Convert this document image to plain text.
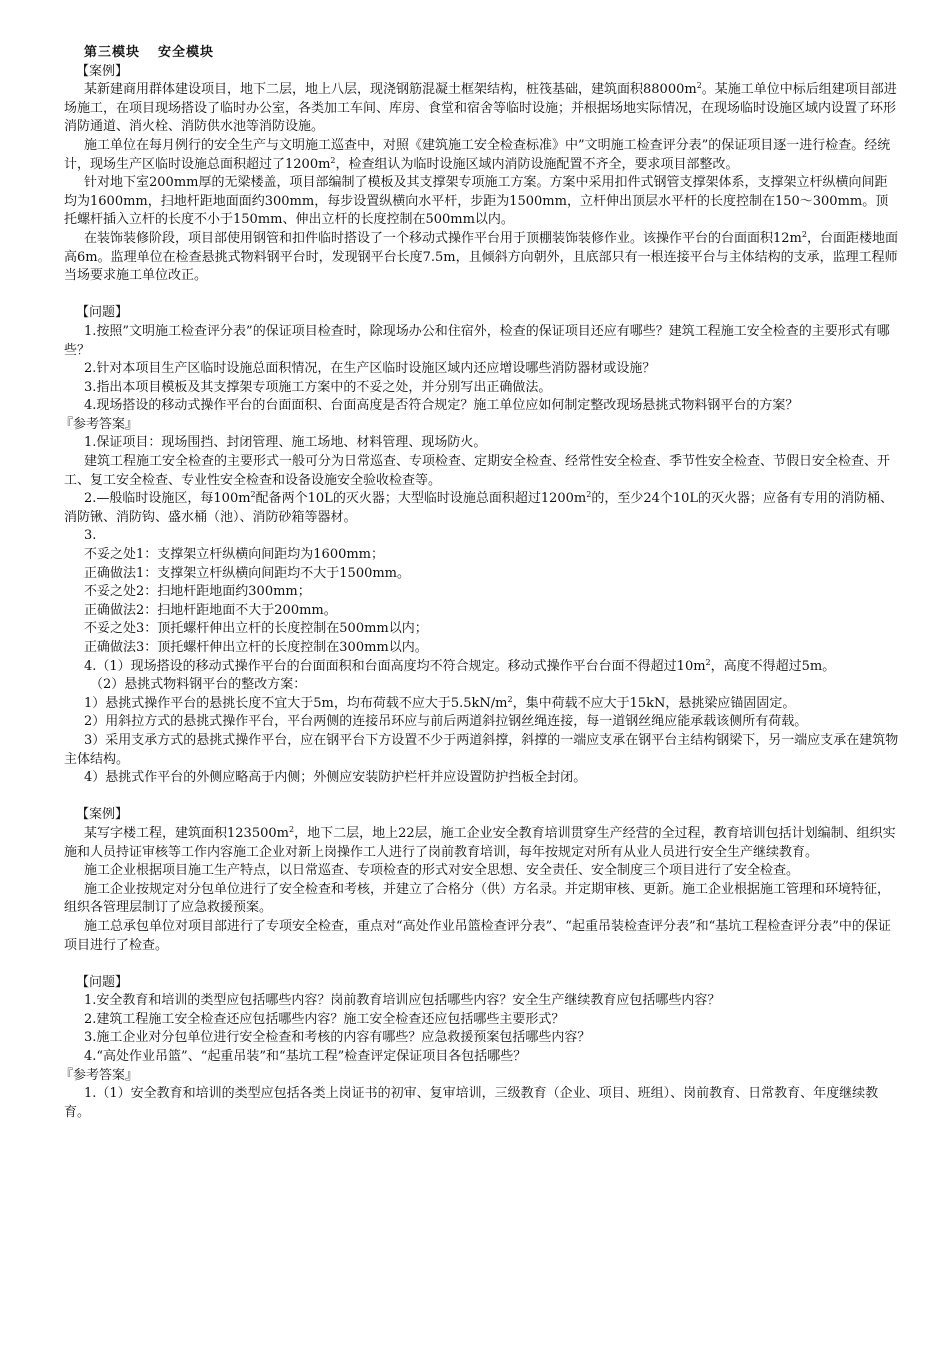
第三模块 安全模块

【案例】

某新建商用群体建设项目，地下二层，地上八层，现浇钢筋混凝土框架结构，桩筏基础，建筑面积$88000m^2$。某施工单位中标后组建项目部进场施工，在项目现场搭设了临时办公室，各类加工车间、库房、食堂和宿舍等临时设施；并根据场地实际情况，在现场临时设施区域内设置了环形消防通道、消火栓、消防供水池等消防设施。

施工单位在每月例行的安全生产与文明施工巡查中，对照《建筑施工安全检查标准》中”文明施工检查评分表”的保证项目逐一进行检查。经统计，现场生产区临时设施总面积超过了$1200m^2$，检查组认为临时设施区域内消防设施配置不齐全，要求项目部整改。

针对地下室200mm厚的无梁楼盖，项目部编制了模板及其支撑架专项施工方案。方案中采用扣件式钢管支撑架体系，支撑架立杆纵横向间距均为1600mm，扫地杆距地面面约300mm，每步设置纵横向水平杆，步距为1500mm，立杆伸出顶层水平杆的长度控制在150～300mm。顶托螺杆插入立杆的长度不小于150mm、伸出立杆的长度控制在500mm以内。

在装饰装修阶段，项目部使用钢管和扣件临时搭设了一个移动式操作平台用于顶棚装饰装修作业。该操作平台的台面面积$12m^2$，台面距楼地面高6m。监理单位在检查悬挑式物料钢平台时，发现钢平台长度7.5m，且倾斜方向朝外，且底部只有一根连接平台与主体结构的支承，监理工程师当场要求施工单位改正。

【问题】

1.按照”文明施工检查评分表”的保证项目检查时，除现场办公和住宿外，检查的保证项目还应有哪些？建筑工程施工安全检查的主要形式有哪些？

2.针对本项目生产区临时设施总面积情况，在生产区临时设施区域内还应增设哪些消防器材或设施？

3.指出本项目模板及其支撑架专项施工方案中的不妥之处，并分别写出正确做法。

4.现场搭设的移动式操作平台的台面面积、台面高度是否符合规定？施工单位应如何制定整改现场悬挑式物料钢平台的方案？

『参考答案』

1.保证项目：现场围挡、封闭管理、施工场地、材料管理、现场防火。

建筑工程施工安全检查的主要形式一般可分为日常巡查、专项检查、定期安全检查、经常性安全检查、季节性安全检查、节假日安全检查、开工、复工安全检查、专业性安全检查和设备设施安全验收检查等。

2.—般临时设施区，每$100m^2$配备两个10L的灭火器；大型临时设施总面积超过$1200m^2$的，至少24个10L的灭火器；应备有专用的消防桶、消防锹、消防钩、盛水桶（池）、消防砂箱等器材。

3.

不妥之处1：支撑架立杆纵横向间距均为1600mm；

正确做法1：支撑架立杆纵横向间距均不大于1500mm。

不妥之处2：扫地杆距地面约300mm；

正确做法2：扫地杆距地面不大于200mm。

不妥之处3：顶托螺杆伸出立杆的长度控制在500mm以内；

正确做法3：顶托螺杆伸出立杆的长度控制在300mm以内。

4.（1）现场搭设的移动式操作平台的台面面积和台面高度均不符合规定。移动式操作平台台面不得超过$10m^2$，高度不得超过5m。

（2）悬挑式物料钢平台的整改方案：

1）悬挑式操作平台的悬挑长度不宜大于5m，均布荷载不应大于$5.5kN/m^2$，集中荷载不应大于15kN，悬挑梁应锚固固定。

2）用斜拉方式的悬挑式操作平台，平台两侧的连接吊环应与前后两道斜拉钢丝绳连接，每一道钢丝绳应能承载该侧所有荷载。

3）采用支承方式的悬挑式操作平台，应在钢平台下方设置不少于两道斜撑，斜撑的一端应支承在钢平台主结构钢梁下，另一端应支承在建筑物主体结构。

4）悬挑式作平台的外侧应略高于内侧；外侧应安装防护栏杆并应设置防护挡板全封闭。

【案例】

某写字楼工程，建筑面积$123500m^2$，地下二层，地上22层，施工企业安全教育培训贯穿生产经营的全过程，教育培训包括计划编制、组织实施和人员持证审核等工作内容施工企业对新上岗操作工人进行了岗前教育培训，每年按规定对所有从业人员进行安全生产继续教育。

施工企业根据项目施工生产特点，以日常巡查、专项检查的形式对安全思想、安全责任、安全制度三个项目进行了安全检查。

施工企业按规定对分包单位进行了安全检查和考核，并建立了合格分（供）方名录。并定期审核、更新。施工企业根据施工管理和环境特征，组织各管理层制订了应急救援预案。

施工总承包单位对项目部进行了专项安全检查，重点对“高处作业吊篮检查评分表”、“起重吊装检查评分表”和“基坑工程检查评分表”中的保证项目进行了检查。

【问题】

1.安全教育和培训的类型应包括哪些内容？岗前教育培训应包括哪些内容？安全生产继续教育应包括哪些内容？

2.建筑工程施工安全检查还应包括哪些内容？施工安全检查还应包括哪些主要形式？

3.施工企业对分包单位进行安全检查和考核的内容有哪些？应急救援预案包括哪些内容？

4.“高处作业吊篮”、“起重吊装”和“基坑工程”检查评定保证项目各包括哪些？

『参考答案』

1.（1）安全教育和培训的类型应包括各类上岗证书的初审、复审培训，三级教育（企业、项目、班组）、岗前教育、日常教育、年度继续教育。
